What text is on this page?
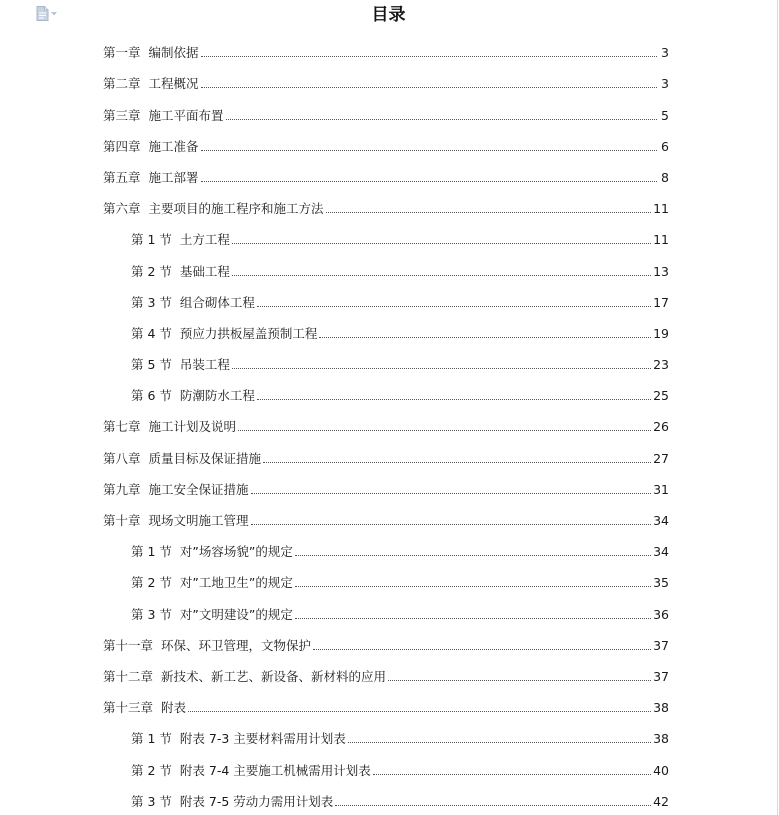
目录
第一章 编制依据	3
第二章 工程概况	3
第三章 施工平面布置	5
第四章 施工准备	6
第五章 施工部署	8
第六章 主要项目的施工程序和施工方法	11
第 1 节 土方工程	11
第 2 节 基础工程	13
第 3 节 组合砌体工程	17
第 4 节 预应力拱板屋盖预制工程	19
第 5 节 吊装工程	23
第 6 节 防潮防水工程	25
第七章 施工计划及说明	26
第八章 质量目标及保证措施	27
第九章 施工安全保证措施	31
第十章 现场文明施工管理	34
第 1 节 对”场容场貌”的规定	34
第 2 节 对”工地卫生”的规定	35
第 3 节 对”文明建设”的规定	36
第十一章 环保、环卫管理，文物保护	37
第十二章 新技术、新工艺、新设备、新材料的应用	37
第十三章 附表	38
第 1 节 附表 7-3 主要材料需用计划表	38
第 2 节 附表 7-4 主要施工机械需用计划表	40
第 3 节 附表 7-5 劳动力需用计划表	42
